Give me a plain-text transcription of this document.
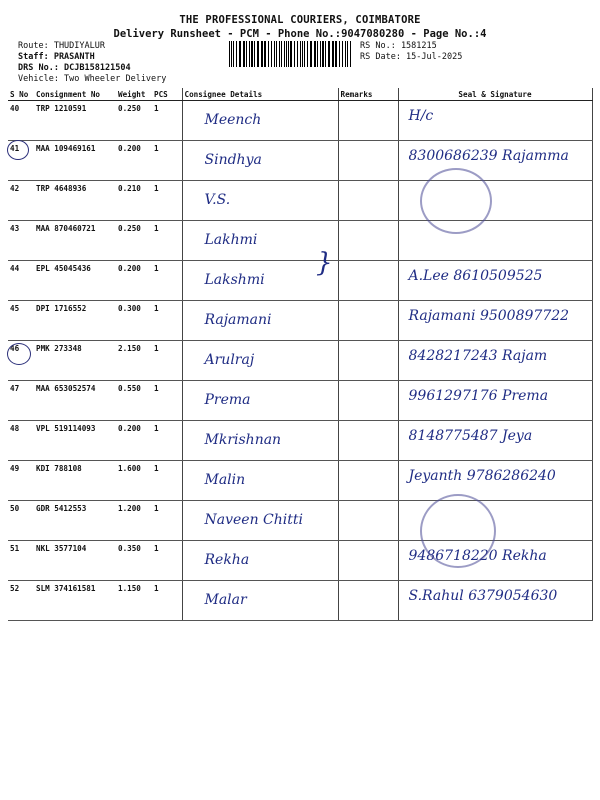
THE PROFESSIONAL COURIERS, COIMBATORE
Delivery Runsheet - PCM - Phone No.:9047080280 - Page No.:4
Route: THUDIYALUR
Staff: PRASANTH
DRS No.: DCJB158121504
RS No.: 1581215
RS Date: 15-Jul-2025
Vehicle: Two Wheeler Delivery
S No	Consignment No	Weight	PCS	Consignee Details	Remarks	Seal & Signature
40	TRP 1210591	0.250	1	Meench		H/c
41	MAA 109469161	0.200	1	Sindhya		8300686239 Rajamma
42	TRP 4648936	0.210	1	V.S.		
43	MAA 870460721	0.250	1	Lakhmi		
44	EPL 45045436	0.200	1	Lakshmi		A.Lee 8610509525
45	DPI 1716552	0.300	1	Rajamani		Rajamani 9500897722
46	PMK 273348	2.150	1	Arulraj		8428217243 Rajam
47	MAA 653052574	0.550	1	Prema		9961297176 Prema
48	VPL 519114093	0.200	1	Mkrishnan		8148775487 Jeya
49	KDI 788108	1.600	1	Malin		Jeyanth 9786286240
50	GDR 5412553	1.200	1	Naveen Chitti		
51	NKL 3577104	0.350	1	Rekha		9486718220 Rekha
52	SLM 374161581	1.150	1	Malar		S.Rahul 6379054630
}
